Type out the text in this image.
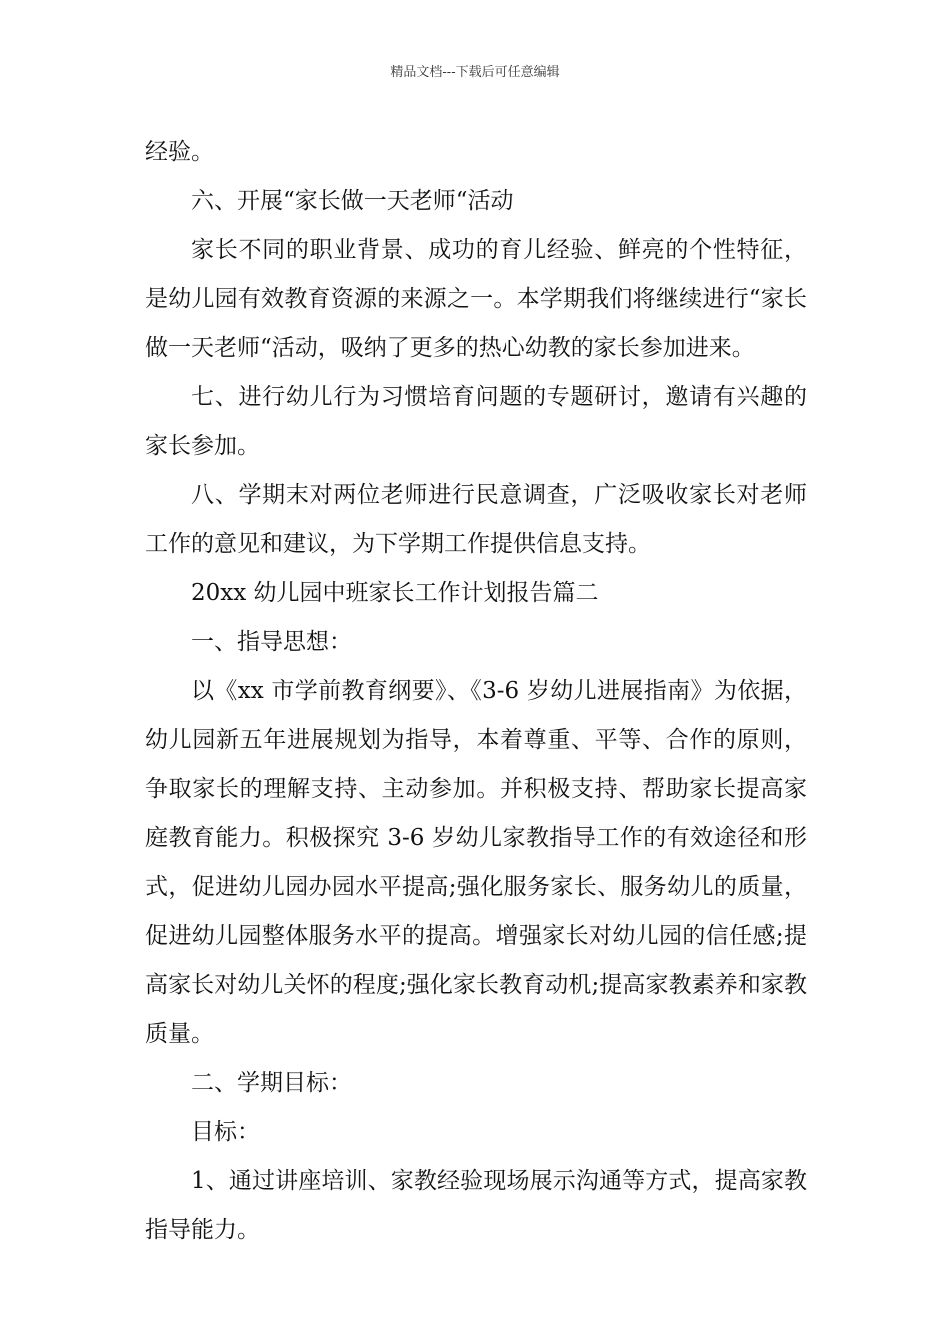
精品文档---下载后可任意编辑

经验。

六、开展“家长做一天老师“活动

家长不同的职业背景、成功的育儿经验、鲜亮的个性特征，是幼儿园有效教育资源的来源之一。本学期我们将继续进行“家长做一天老师“活动，吸纳了更多的热心幼教的家长参加进来。

七、进行幼儿行为习惯培育问题的专题研讨，邀请有兴趣的家长参加。

八、学期末对两位老师进行民意调查，广泛吸收家长对老师工作的意见和建议，为下学期工作提供信息支持。

20xx 幼儿园中班家长工作计划报告篇二

一、指导思想：

以《xx 市学前教育纲要》、《3-6 岁幼儿进展指南》为依据，幼儿园新五年进展规划为指导，本着尊重、平等、合作的原则，争取家长的理解支持、主动参加。并积极支持、帮助家长提高家庭教育能力。积极探究 3-6 岁幼儿家教指导工作的有效途径和形式，促进幼儿园办园水平提高;强化服务家长、服务幼儿的质量，促进幼儿园整体服务水平的提高。增强家长对幼儿园的信任感;提高家长对幼儿关怀的程度;强化家长教育动机;提高家教素养和家教质量。

二、学期目标：

目标：

1、通过讲座培训、家教经验现场展示沟通等方式，提高家教指导能力。
